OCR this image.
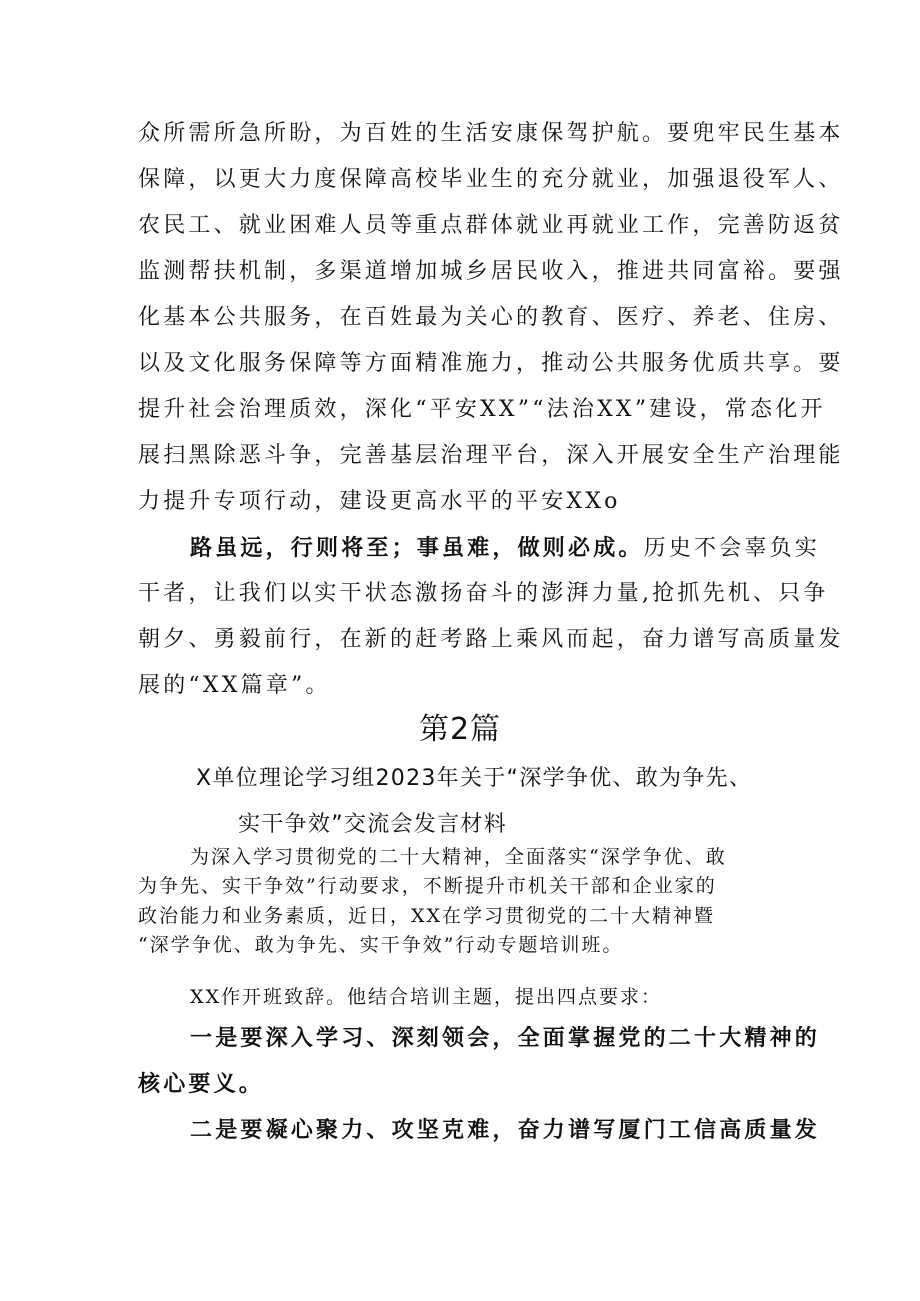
众所需所急所盼，为百姓的生活安康保驾护航。要兜牢民生基本
保障，以更大力度保障高校毕业生的充分就业，加强退役军人、
农民工、就业困难人员等重点群体就业再就业工作，完善防返贫
监测帮扶机制，多渠道增加城乡居民收入，推进共同富裕。要强
化基本公共服务，在百姓最为关心的教育、医疗、养老、住房、
以及文化服务保障等方面精准施力，推动公共服务优质共享。要
提升社会治理质效，深化“平安XX”“法治XX”建设，常态化开
展扫黑除恶斗争，完善基层治理平台，深入开展安全生产治理能
力提升专项行动，建设更高水平的平安XXo
路虽远，行则将至；事虽难，做则必成。历史不会辜负实
干者，让我们以实干状态激扬奋斗的澎湃力量,抢抓先机、只争
朝夕、勇毅前行，在新的赶考路上乘风而起，奋力谱写高质量发
展的“XX篇章”。
第2篇
X单位理论学习组2023年关于“深学争优、敢为争先、
实干争效”交流会发言材料
为深入学习贯彻党的二十大精神，全面落实“深学争优、敢
为争先、实干争效”行动要求，不断提升市机关干部和企业家的
政治能力和业务素质，近日，XX在学习贯彻党的二十大精神暨
“深学争优、敢为争先、实干争效”行动专题培训班。
XX作开班致辞。他结合培训主题，提出四点要求：
一是要深入学习、深刻领会，全面掌握党的二十大精神的
核心要义。
二是要凝心聚力、攻坚克难，奋力谱写厦门工信高质量发
